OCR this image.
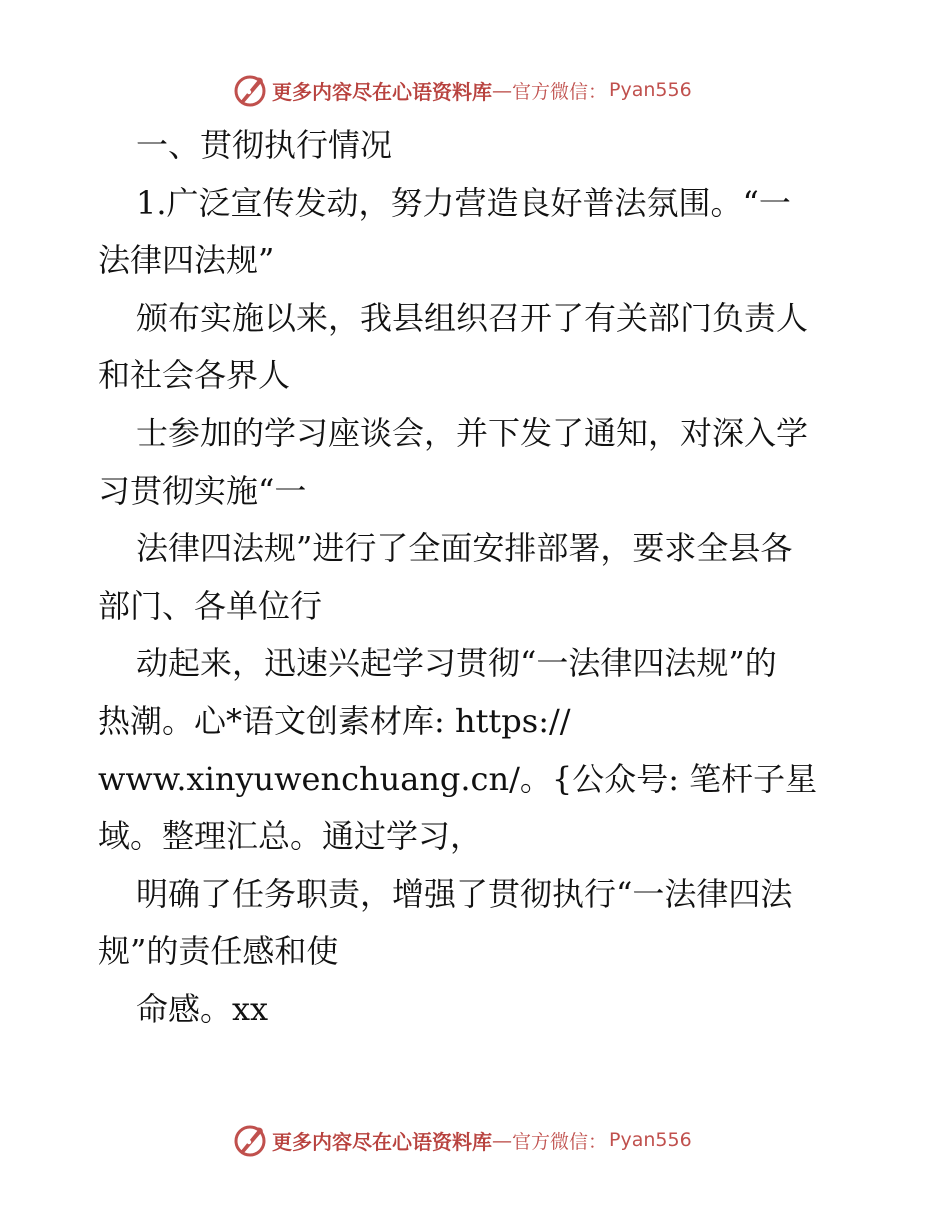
更多内容尽在心语资料库 — 官方微信： Pyan556
一、贯彻执行情况
1.广泛宣传发动，努力营造良好普法氛围。“一
法律四法规”
颁布实施以来，我县组织召开了有关部门负责人
和社会各界人
士参加的学习座谈会，并下发了通知，对深入学
习贯彻实施“一
法律四法规”进行了全面安排部署，要求全县各
部门、各单位行
动起来，迅速兴起学习贯彻“一法律四法规”的
热潮。心*语文创素材库: https://
www.xinyuwenchuang.cn/。{公众号: 笔杆子星
域。整理汇总。通过学习，
明确了任务职责，增强了贯彻执行“一法律四法
规”的责任感和使
命感。xx
更多内容尽在心语资料库 — 官方微信： Pyan556
